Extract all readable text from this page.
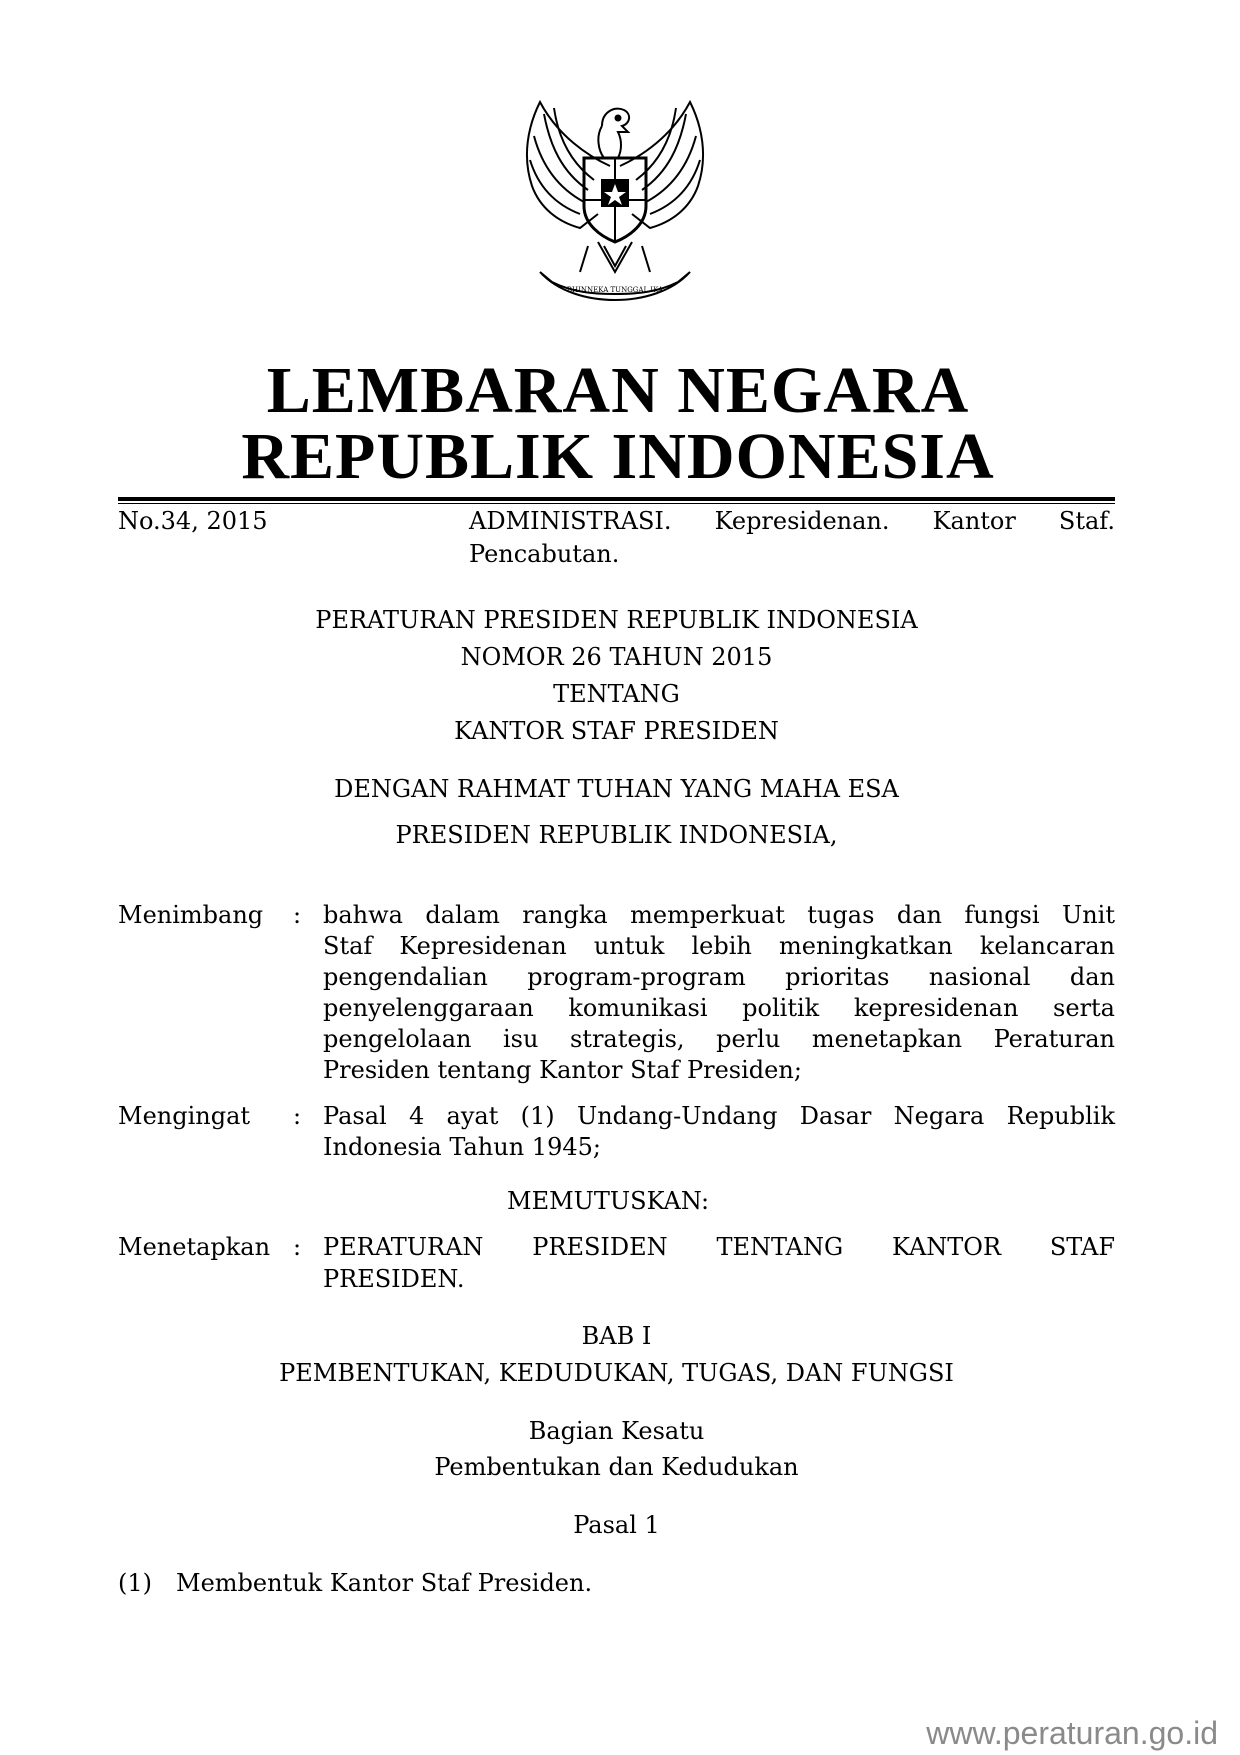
BHINNEKA TUNGGAL IKA
LEMBARAN NEGARA
REPUBLIK INDONESIA

No.34, 2015	ADMINISTRASI. Kepresidenan. Kantor Staf.

Pencabutan.

PERATURAN PRESIDEN REPUBLIK INDONESIA

NOMOR 26 TAHUN 2015

TENTANG

KANTOR STAF PRESIDEN

DENGAN RAHMAT TUHAN YANG MAHA ESA

PRESIDEN REPUBLIK INDONESIA,

Menimbang	: bahwa dalam rangka memperkuat tugas dan fungsi Unit
Staf Kepresidenan untuk lebih meningkatkan kelancaran
pengendalian program-program prioritas nasional dan
penyelenggaraan komunikasi politik kepresidenan serta
pengelolaan isu strategis, perlu menetapkan Peraturan
Presiden tentang Kantor Staf Presiden;

Mengingat	: Pasal 4 ayat (1) Undang-Undang Dasar Negara Republik
Indonesia Tahun 1945;

MEMUTUSKAN:

Menetapkan : PERATURAN PRESIDEN TENTANG KANTOR STAF

PRESIDEN.

BAB I

PEMBENTUKAN, KEDUDUKAN, TUGAS, DAN FUNGSI

Bagian Kesatu

Pembentukan dan Kedudukan

Pasal 1

(1)	Membentuk Kantor Staf Presiden.

www.peraturan.go.id
